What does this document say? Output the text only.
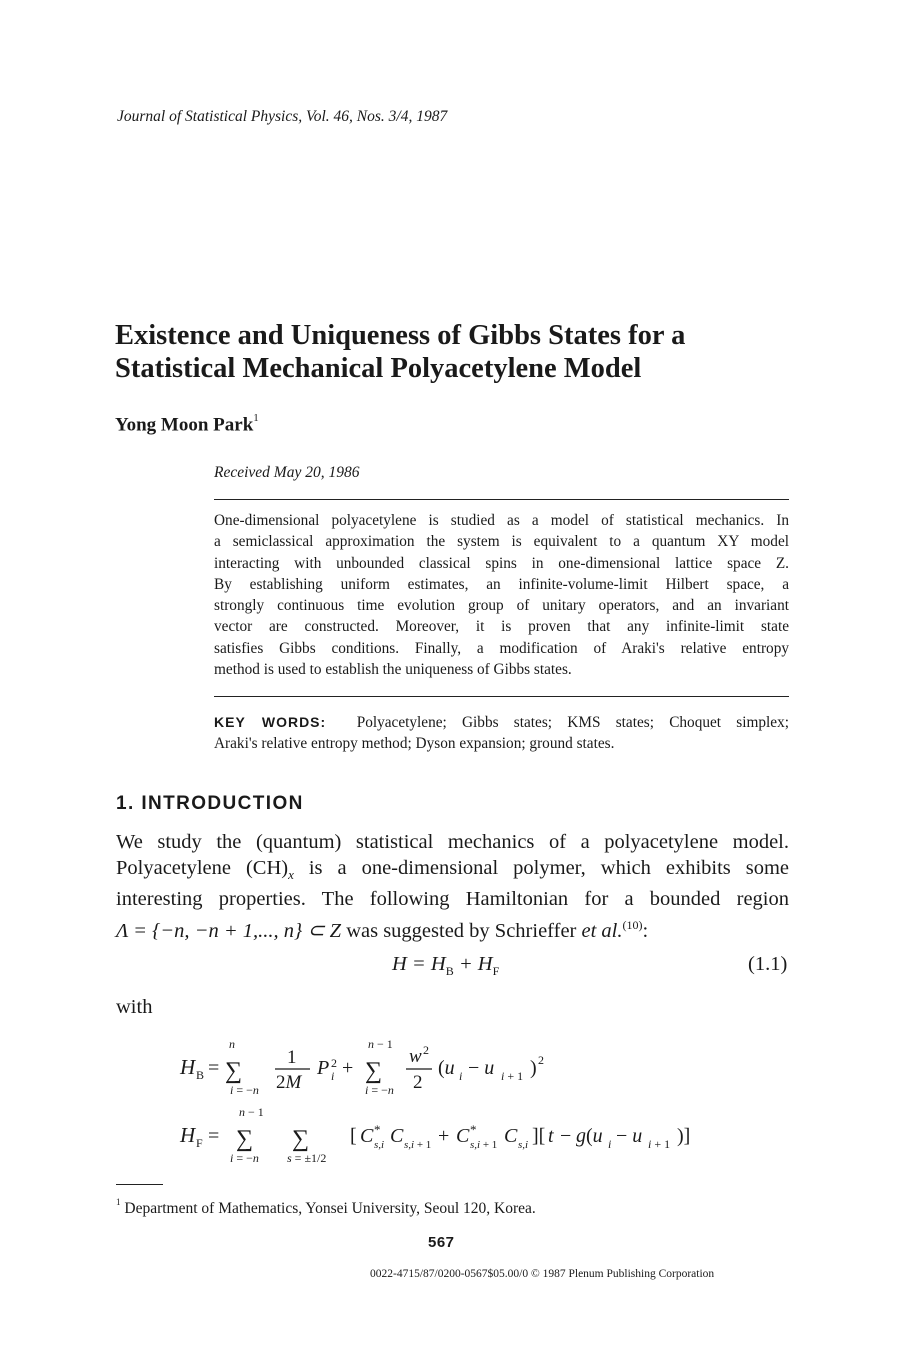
Journal of Statistical Physics, Vol. 46, Nos. 3/4, 1987
Existence and Uniqueness of Gibbs States for a
Statistical Mechanical Polyacetylene Model
Yong Moon Park$^1$
Received May 20, 1986
One-dimensional polyacetylene is studied as a model of statistical mechanics. In
a semiclassical approximation the system is equivalent to a quantum XY model
interacting with unbounded classical spins in one-dimensional lattice space Z.
By establishing uniform estimates, an infinite-volume-limit Hilbert space, a
strongly continuous time evolution group of unitary operators, and an invariant
vector are constructed. Moreover, it is proven that any infinite-limit state
satisfies Gibbs conditions. Finally, a modification of Araki's relative entropy
method is used to establish the uniqueness of Gibbs states.
KEY WORDS: Polyacetylene; Gibbs states; KMS states; Choquet simplex;
Araki's relative entropy method; Dyson expansion; ground states.
1. INTRODUCTION
We study the (quantum) statistical mechanics of a polyacetylene model.
Polyacetylene $(CH)_x$ is a one-dimensional polymer, which exhibits some
interesting properties. The following Hamiltonian for a bounded region
Λ = {−n, −n + 1,..., n} ⊂ Z was suggested by Schrieffer et al.$^{(10)}$:
$H = H_B + H_F$	(1.1)
with
H B =
n
∑
i = −n
1
2M
P 2
i +
n − 1
∑
i = −n
w 2
2
(u i − u i + 1 ) 2
H F =
n − 1
∑
i = −n
∑
s = ±1/2
[ C *
s,i C s,i + 1 + C *
s,i + 1 C s,i ][ t − g(u i − u i + 1 )]
$^1$ Department of Mathematics, Yonsei University, Seoul 120, Korea.
567
0022-4715/87/0200-0567$05.00/0 © 1987 Plenum Publishing Corporation
